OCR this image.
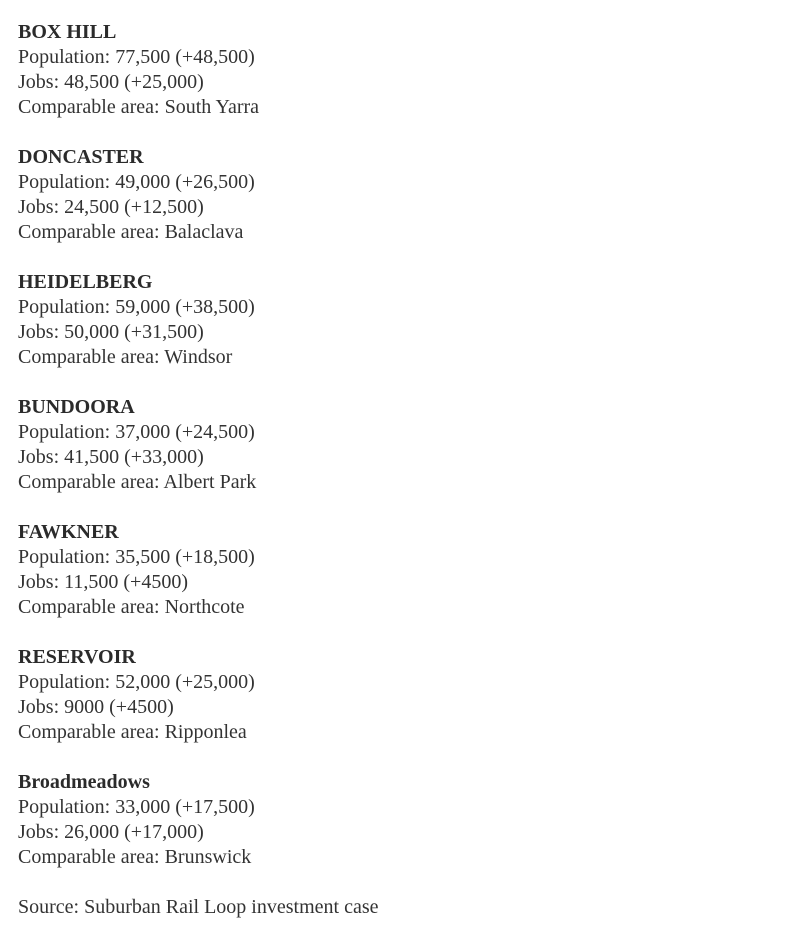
BOX HILL

Population: 77,500 (+48,500)

Jobs: 48,500 (+25,000)

Comparable area: South Yarra

DONCASTER

Population: 49,000 (+26,500)

Jobs: 24,500 (+12,500)

Comparable area: Balaclava

HEIDELBERG

Population: 59,000 (+38,500)

Jobs: 50,000 (+31,500)

Comparable area: Windsor

BUNDOORA

Population: 37,000 (+24,500)

Jobs: 41,500 (+33,000)

Comparable area: Albert Park

FAWKNER

Population: 35,500 (+18,500)

Jobs: 11,500 (+4500)

Comparable area: Northcote

RESERVOIR

Population: 52,000 (+25,000)

Jobs: 9000 (+4500)

Comparable area: Ripponlea

Broadmeadows

Population: 33,000 (+17,500)

Jobs: 26,000 (+17,000)

Comparable area: Brunswick

Source: Suburban Rail Loop investment case
